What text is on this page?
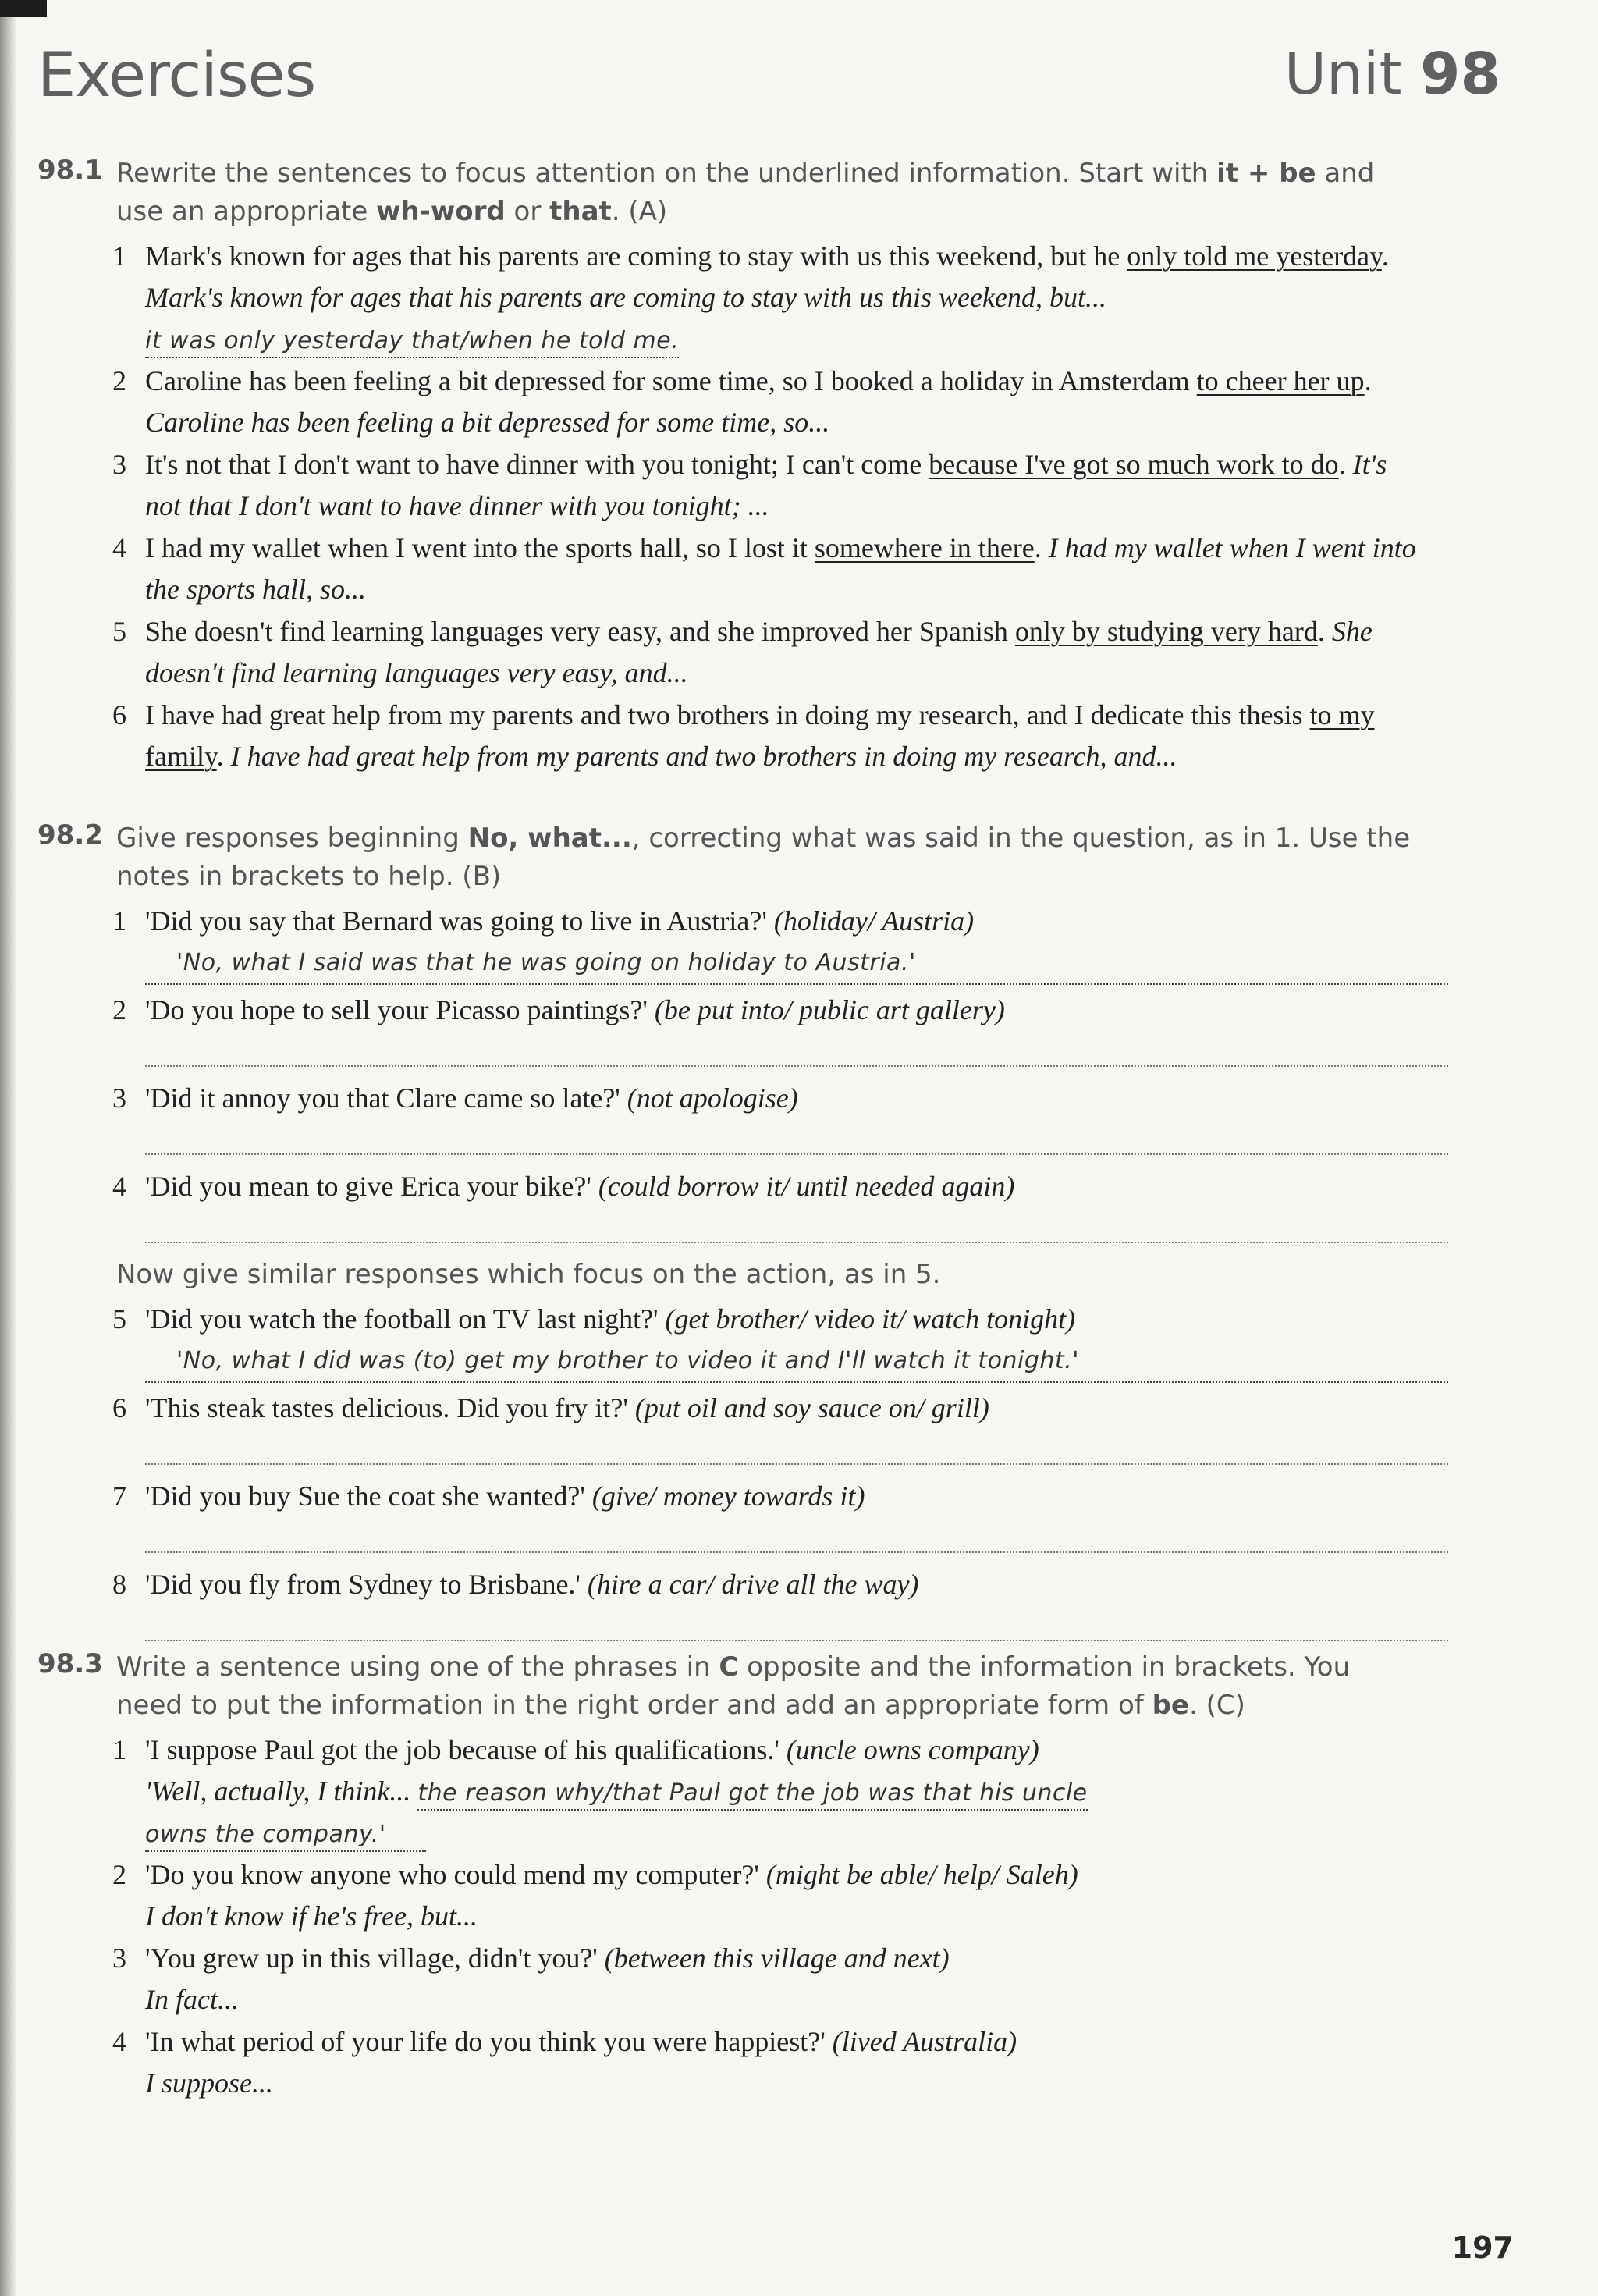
Exercises	Unit 98
98.1 Rewrite the sentences to focus attention on the underlined information. Start with it + be and use an appropriate wh-word or that. (A)
1 Mark's known for ages that his parents are coming to stay with us this weekend, but he only told me yesterday. Mark's known for ages that his parents are coming to stay with us this weekend, but... it was only yesterday that/when he told me.
2 Caroline has been feeling a bit depressed for some time, so I booked a holiday in Amsterdam to cheer her up. Caroline has been feeling a bit depressed for some time, so...
3 It's not that I don't want to have dinner with you tonight; I can't come because I've got so much work to do. It's not that I don't want to have dinner with you tonight; ...
4 I had my wallet when I went into the sports hall, so I lost it somewhere in there. I had my wallet when I went into the sports hall, so...
5 She doesn't find learning languages very easy, and she improved her Spanish only by studying very hard. She doesn't find learning languages very easy, and...
6 I have had great help from my parents and two brothers in doing my research, and I dedicate this thesis to my family. I have had great help from my parents and two brothers in doing my research, and...
98.2 Give responses beginning No, what..., correcting what was said in the question, as in 1. Use the notes in brackets to help. (B)
1 'Did you say that Bernard was going to live in Austria?' (holiday/ Austria)
'No, what I said was that he was going on holiday to Austria.'
2 'Do you hope to sell your Picasso paintings?' (be put into/ public art gallery)
3 'Did it annoy you that Clare came so late?' (not apologise)
4 'Did you mean to give Erica your bike?' (could borrow it/ until needed again)
Now give similar responses which focus on the action, as in 5.
5 'Did you watch the football on TV last night?' (get brother/ video it/ watch tonight)
'No, what I did was (to) get my brother to video it and I'll watch it tonight.'
6 'This steak tastes delicious. Did you fry it?' (put oil and soy sauce on/ grill)
7 'Did you buy Sue the coat she wanted?' (give/ money towards it)
8 'Did you fly from Sydney to Brisbane.' (hire a car/ drive all the way)
98.3 Write a sentence using one of the phrases in C opposite and the information in brackets. You need to put the information in the right order and add an appropriate form of be. (C)
1 'I suppose Paul got the job because of his qualifications.' (uncle owns company)
'Well, actually, I think... the reason why/that Paul got the job was that his uncle
owns the company.'
2 'Do you know anyone who could mend my computer?' (might be able/ help/ Saleh)
I don't know if he's free, but...
3 'You grew up in this village, didn't you?' (between this village and next)
In fact...
4 'In what period of your life do you think you were happiest?' (lived Australia)
I suppose...
197
